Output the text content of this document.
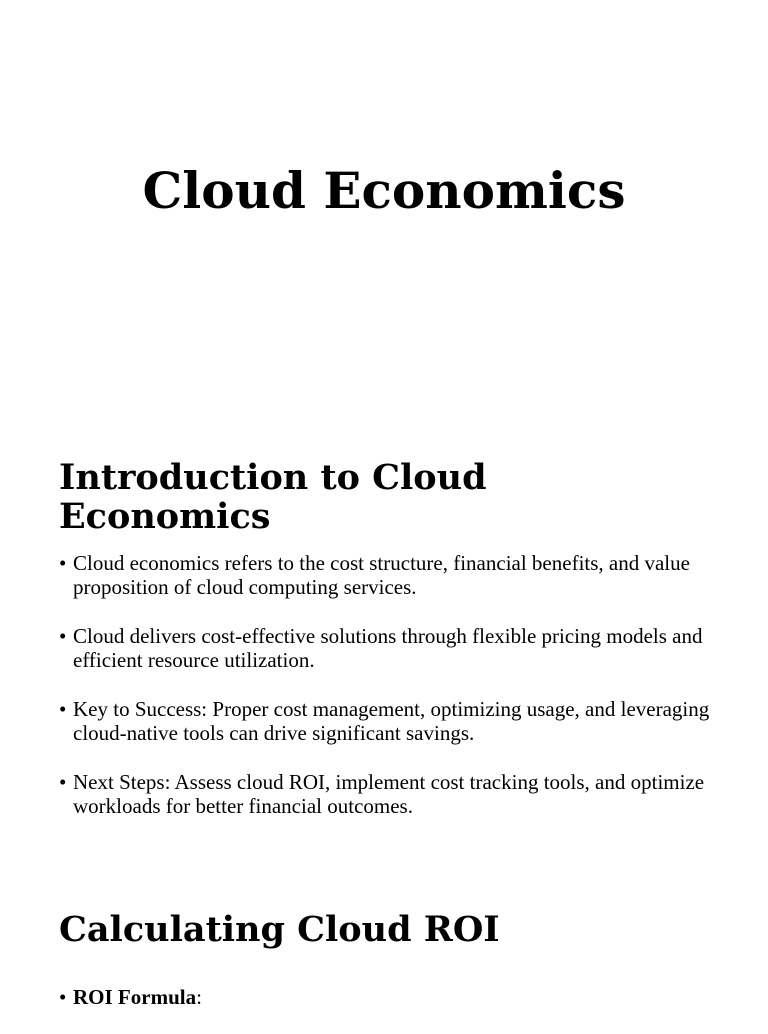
Cloud Economics
Introduction to Cloud Economics
• Cloud economics refers to the cost structure, financial benefits, and value proposition of cloud computing services.
• Cloud delivers cost-effective solutions through flexible pricing models and efficient resource utilization.
• Key to Success: Proper cost management, optimizing usage, and leveraging cloud-native tools can drive significant savings.
• Next Steps: Assess cloud ROI, implement cost tracking tools, and optimize workloads for better financial outcomes.
Calculating Cloud ROI
• ROI Formula:
